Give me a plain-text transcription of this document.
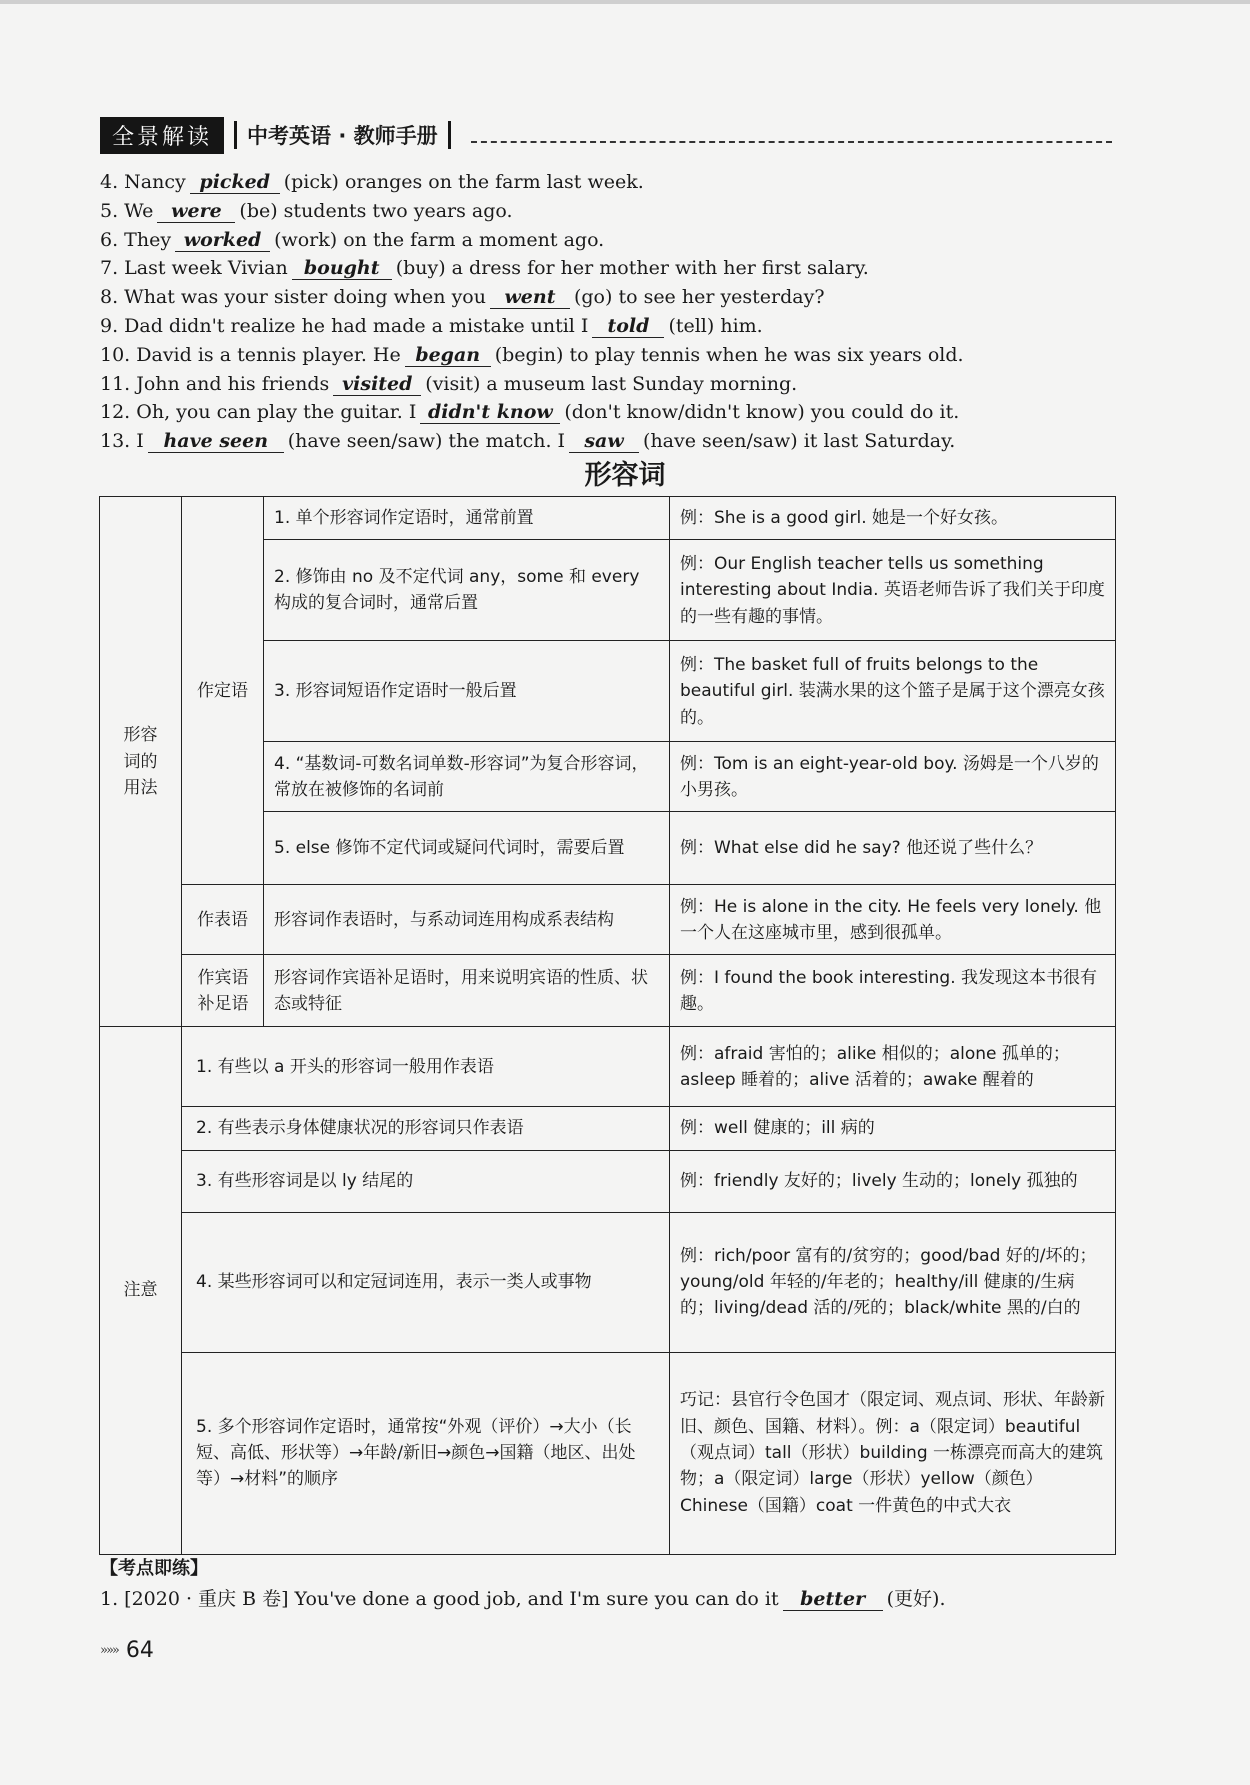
全景解读	中考英语 · 教师手册
4. Nancy picked (pick) oranges on the farm last week.
5. We were (be) students two years ago.
6. They worked (work) on the farm a moment ago.
7. Last week Vivian bought (buy) a dress for her mother with her first salary.
8. What was your sister doing when you went (go) to see her yesterday?
9. Dad didn't realize he had made a mistake until I told (tell) him.
10. David is a tennis player. He began (begin) to play tennis when he was six years old.
11. John and his friends visited (visit) a museum last Sunday morning.
12. Oh, you can play the guitar. I didn't know (don't know/didn't know) you could do it.
13. I have seen (have seen/saw) the match. I saw (have seen/saw) it last Saturday.
形容词
形容词的用法	作定语	1. 单个形容词作定语时，通常前置	例：She is a good girl. 她是一个好女孩。
		2. 修饰由 no 及不定代词 any，some 和 every 构成的复合词时，通常后置	例：Our English teacher tells us something interesting about India. 英语老师告诉了我们关于印度的一些有趣的事情。
		3. 形容词短语作定语时一般后置	例：The basket full of fruits belongs to the beautiful girl. 装满水果的这个篮子是属于这个漂亮女孩的。
		4. “基数词-可数名词单数-形容词”为复合形容词，常放在被修饰的名词前	例：Tom is an eight-year-old boy. 汤姆是一个八岁的小男孩。
		5. else 修饰不定代词或疑问代词时，需要后置	例：What else did he say? 他还说了些什么？
	作表语	形容词作表语时，与系动词连用构成系表结构	例：He is alone in the city. He feels very lonely. 他一个人在这座城市里，感到很孤单。
	作宾语补足语	形容词作宾语补足语时，用来说明宾语的性质、状态或特征	例：I found the book interesting. 我发现这本书很有趣。
注意	1. 有些以 a 开头的形容词一般用作表语		例：afraid 害怕的；alike 相似的；alone 孤单的；asleep 睡着的；alive 活着的；awake 醒着的
	2. 有些表示身体健康状况的形容词只作表语		例：well 健康的；ill 病的
	3. 有些形容词是以 ly 结尾的		例：friendly 友好的；lively 生动的；lonely 孤独的
	4. 某些形容词可以和定冠词连用，表示一类人或事物		例：rich/poor 富有的/贫穷的；good/bad 好的/坏的；young/old 年轻的/年老的；healthy/ill 健康的/生病的；living/dead 活的/死的；black/white 黑的/白的
	5. 多个形容词作定语时，通常按“外观（评价）→大小（长短、高低、形状等）→年龄/新旧→颜色→国籍（地区、出处等）→材料”的顺序		巧记：县官行令色国才（限定词、观点词、形状、年龄新旧、颜色、国籍、材料）。例：a（限定词）beautiful（观点词）tall（形状）building 一栋漂亮而高大的建筑物；a（限定词）large（形状）yellow（颜色）Chinese（国籍）coat 一件黄色的中式大衣
【考点即练】
1. [2020 · 重庆 B 卷] You've done a good job, and I'm sure you can do it better (更好).
»»» 64
